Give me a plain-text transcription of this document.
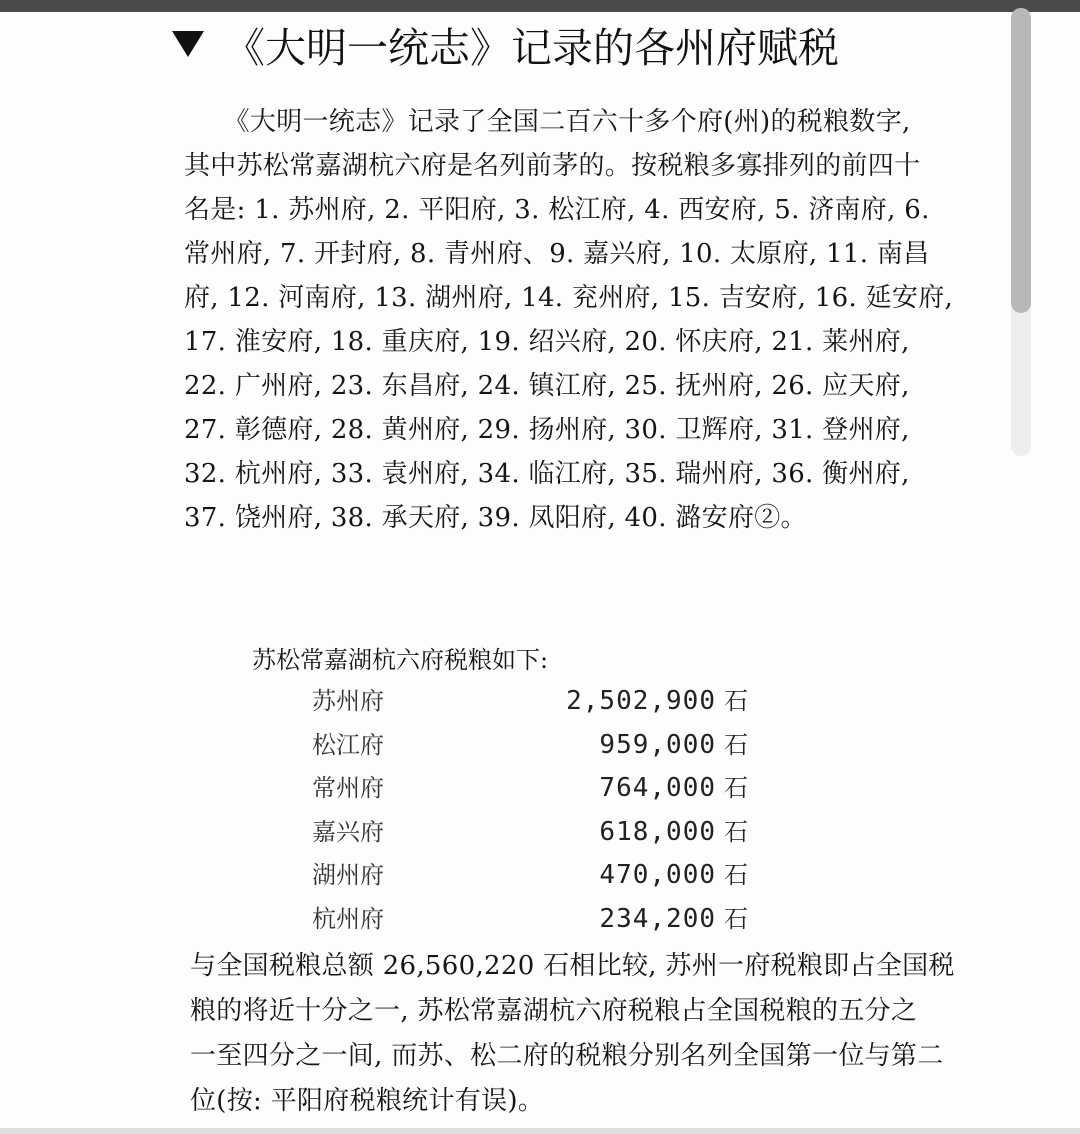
《大明一统志》记录的各州府赋税
　　《大明一统志》记录了全国二百六十多个府(州)的税粮数字,
其中苏松常嘉湖杭六府是名列前茅的。按税粮多寡排列的前四十
名是: 1. 苏州府, 2. 平阳府, 3. 松江府, 4. 西安府, 5. 济南府, 6.
常州府, 7. 开封府, 8. 青州府、9. 嘉兴府, 10. 太原府, 11. 南昌
府, 12. 河南府, 13. 湖州府, 14. 兖州府, 15. 吉安府, 16. 延安府,
17. 淮安府, 18. 重庆府, 19. 绍兴府, 20. 怀庆府, 21. 莱州府,
22. 广州府, 23. 东昌府, 24. 镇江府, 25. 抚州府, 26. 应天府,
27. 彰德府, 28. 黄州府, 29. 扬州府, 30. 卫辉府, 31. 登州府,
32. 杭州府, 33. 袁州府, 34. 临江府, 35. 瑞州府, 36. 衡州府,
37. 饶州府, 38. 承天府, 39. 凤阳府, 40. 潞安府②。
苏松常嘉湖杭六府税粮如下:
苏州府	2,502,900 石
松江府	959,000 石
常州府	764,000 石
嘉兴府	618,000 石
湖州府	470,000 石
杭州府	234,200 石
与全国税粮总额 26,560,220 石相比较, 苏州一府税粮即占全国税
粮的将近十分之一, 苏松常嘉湖杭六府税粮占全国税粮的五分之
一至四分之一间, 而苏、松二府的税粮分别名列全国第一位与第二
位(按: 平阳府税粮统计有误)。
